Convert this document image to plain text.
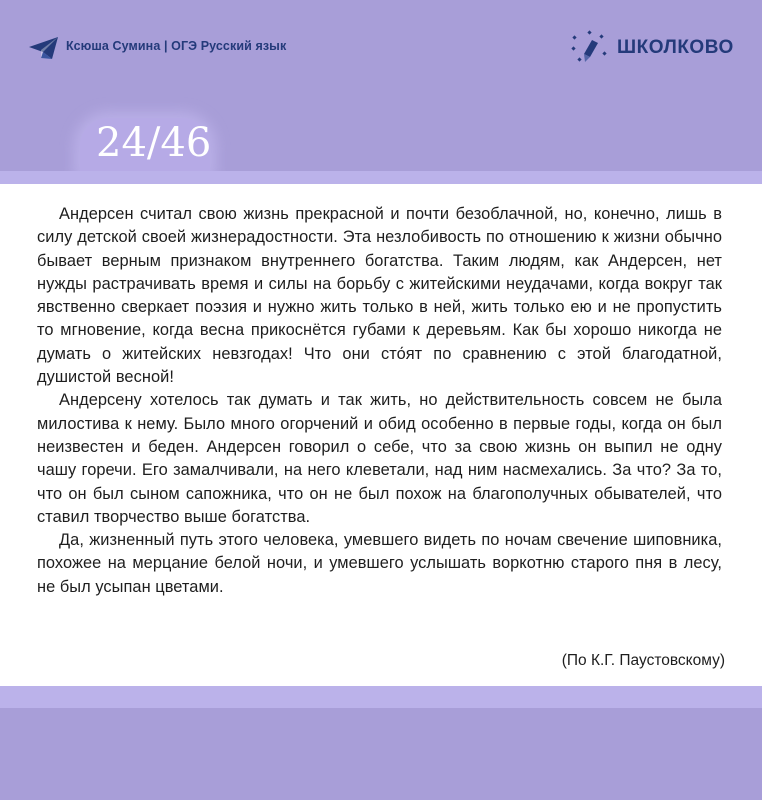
Ксюша Сумина | ОГЭ Русский язык	ШКОЛКОВО
24/46

Андерсен считал свою жизнь прекрасной и почти безоблачной, но, конечно, лишь в силу детской своей жизнерадостности. Эта незлобивость по отношению к жизни обычно бывает верным признаком внутреннего богатства. Таким людям, как Андерсен, нет нужды растрачивать время и силы на борьбу с житейскими неудачами, когда вокруг так явственно сверкает поэзия и нужно жить только в ней, жить только ею и не пропустить то мгновение, когда весна прикоснётся губами к деревьям. Как бы хорошо никогда не думать о житейских невзгодах! Что они сто́ят по сравнению с этой благодатной, душистой весной!

Андерсену хотелось так думать и так жить, но действительность совсем не была милостива к нему. Было много огорчений и обид особенно в первые годы, когда он был неизвестен и беден. Андерсен говорил о себе, что за свою жизнь он выпил не одну чашу горечи. Его замалчивали, на него клеветали, над ним насмехались. За что? За то, что он был сыном сапожника, что он не был похож на благополучных обывателей, что ставил творчество выше богатства.

Да, жизненный путь этого человека, умевшего видеть по ночам свечение шиповника, похожее на мерцание белой ночи, и умевшего услышать воркотню старого пня в лесу, не был усыпан цветами.

(По К.Г. Паустовскому)
